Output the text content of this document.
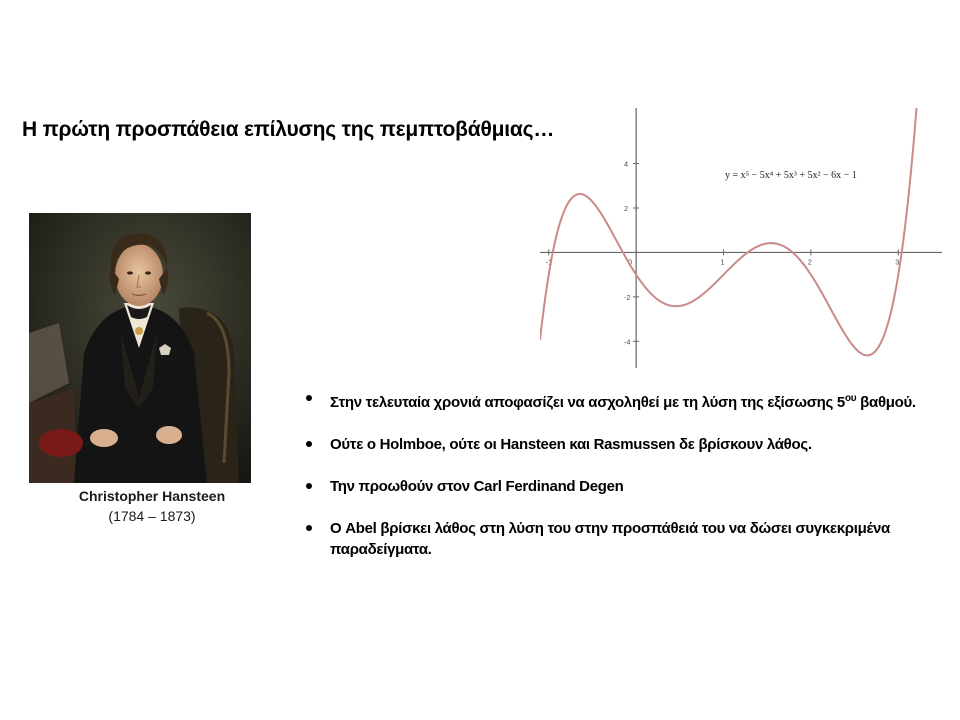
Η πρώτη προσπάθεια επίλυσης της πεμπτοβάθμιας…
Christopher Hansteen
(1784 – 1873)
-1	0	1	2	3
4
2
-2
-4
y = x⁵ − 5x⁴ + 5x³ + 5x² − 6x − 1
Στην τελευταία χρονιά αποφασίζει να ασχοληθεί με τη λύση της εξίσωσης $5^{o\upsilon}$ βαθμού.
Ούτε ο Holmboe, ούτε οι Hansteen και Rasmussen δε βρίσκουν λάθος.
Την προωθούν στον Carl Ferdinand Degen
Ο Abel βρίσκει λάθος στη λύση του στην προσπάθειά του να δώσει συγκεκριμένα παραδείγματα.
